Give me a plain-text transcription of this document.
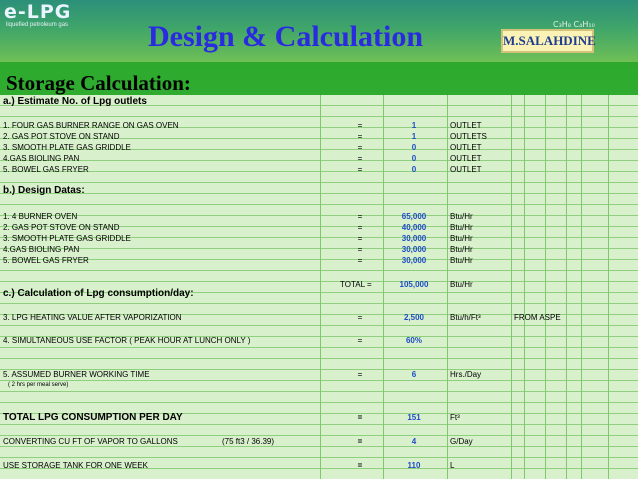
e-LPG
liquefied petroleum gas	C₃H₈ C₄H₁₀
Design & Calculation	M.SALAHDINE
Storage Calculation:
a.) Estimate No. of Lpg outlets
1. FOUR GAS BURNER RANGE ON GAS OVEN	=	1	OUTLET
2. GAS POT STOVE ON STAND	=	1	OUTLETS
3. SMOOTH PLATE GAS GRIDDLE	=	0	OUTLET
4.GAS BIOLING PAN	=	0	OUTLET
5. BOWEL GAS FRYER	=	0	OUTLET
b.) Design Datas:
1. 4 BURNER OVEN	=	65,000	Btu/Hr
2. GAS POT STOVE ON STAND	=	40,000	Btu/Hr
3. SMOOTH PLATE GAS GRIDDLE	=	30,000	Btu/Hr
4.GAS BIOLING PAN	=	30,000	Btu/Hr
5. BOWEL GAS FRYER	=	30,000	Btu/Hr
TOTAL =	105,000	Btu/Hr
c.) Calculation of Lpg consumption/day:
3. LPG HEATING VALUE AFTER VAPORIZATION	=	2,500	Btu/h/Ft³	FROM ASPE
4. SIMULTANEOUS USE FACTOR ( PEAK HOUR AT LUNCH ONLY )	=	60%
5. ASSUMED BURNER WORKING TIME	=	6	Hrs./Day
( 2 hrs per meal serve)
TOTAL LPG CONSUMPTION PER DAY	=	151	Ft³
CONVERTING CU FT OF VAPOR TO GALLONS	(75 ft3 / 36.39)	=	4	G/Day
USE STORAGE TANK FOR ONE WEEK	=	110	L
